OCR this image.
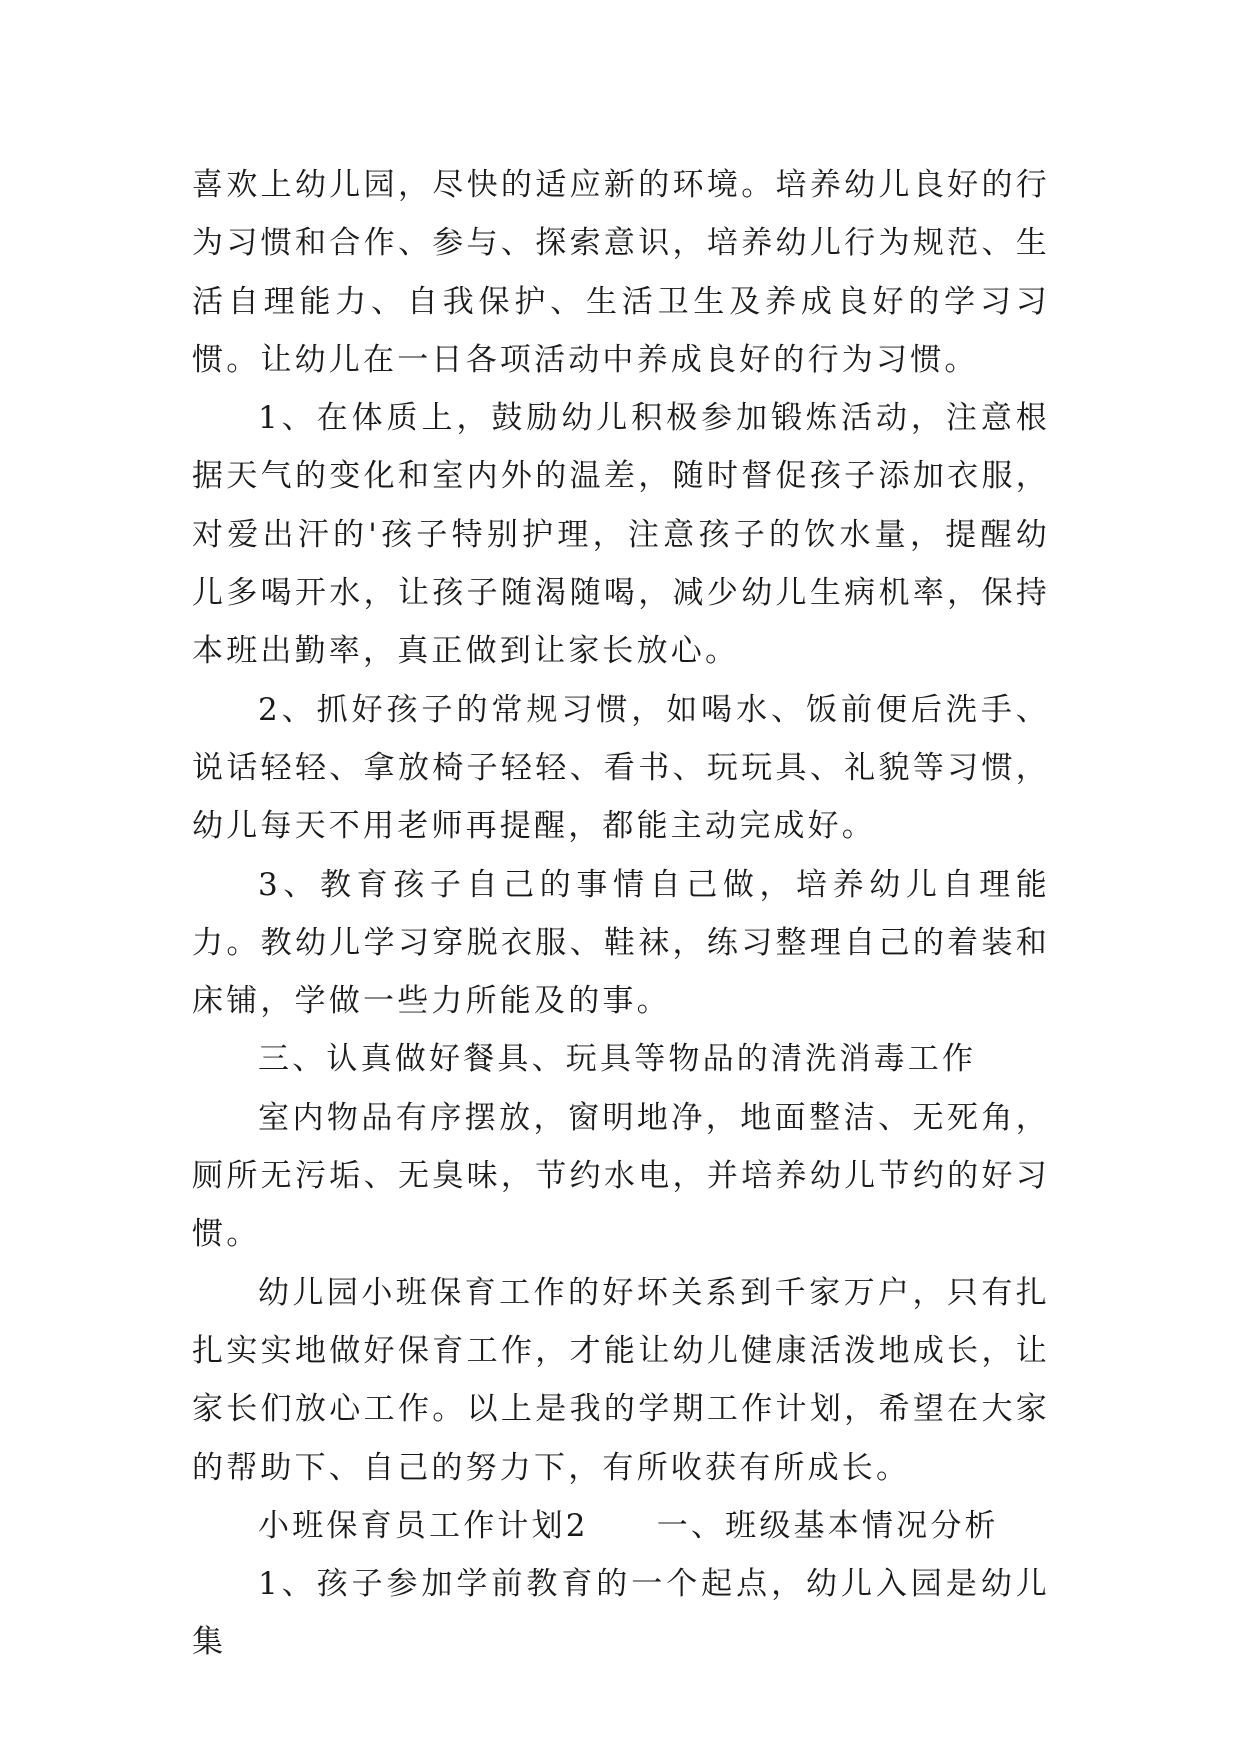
喜欢上幼儿园，尽快的适应新的环境。培养幼儿良好的行为习惯和合作、参与、探索意识，培养幼儿行为规范、生活自理能力、自我保护、生活卫生及养成良好的学习习惯。让幼儿在一日各项活动中养成良好的行为习惯。

1、在体质上，鼓励幼儿积极参加锻炼活动，注意根据天气的变化和室内外的温差，随时督促孩子添加衣服，对爱出汗的'孩子特别护理，注意孩子的饮水量，提醒幼儿多喝开水，让孩子随渴随喝，减少幼儿生病机率，保持本班出勤率，真正做到让家长放心。

2、抓好孩子的常规习惯，如喝水、饭前便后洗手、说话轻轻、拿放椅子轻轻、看书、玩玩具、礼貌等习惯，幼儿每天不用老师再提醒，都能主动完成好。

3、教育孩子自己的事情自己做，培养幼儿自理能力。教幼儿学习穿脱衣服、鞋袜，练习整理自己的着装和床铺，学做一些力所能及的事。

三、认真做好餐具、玩具等物品的清洗消毒工作

室内物品有序摆放，窗明地净，地面整洁、无死角，厕所无污垢、无臭味，节约水电，并培养幼儿节约的好习惯。

幼儿园小班保育工作的好坏关系到千家万户，只有扎扎实实地做好保育工作，才能让幼儿健康活泼地成长，让家长们放心工作。以上是我的学期工作计划，希望在大家的帮助下、自己的努力下，有所收获有所成长。

小班保育员工作计划2 一、班级基本情况分析

1、孩子参加学前教育的一个起点，幼儿入园是幼儿集
